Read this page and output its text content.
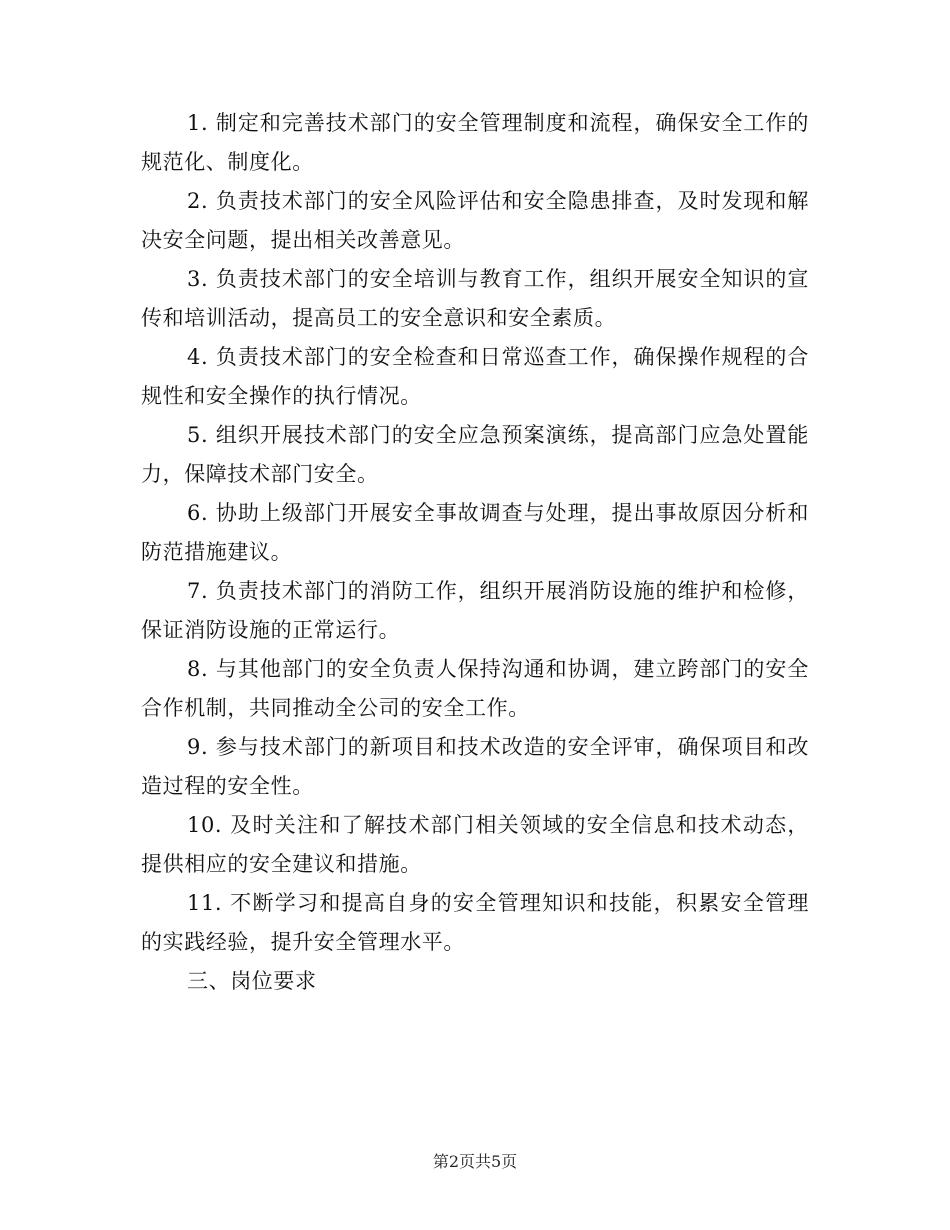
1. 制定和完善技术部门的安全管理制度和流程，确保安全工作的规范化、制度化。

2. 负责技术部门的安全风险评估和安全隐患排查，及时发现和解决安全问题，提出相关改善意见。

3. 负责技术部门的安全培训与教育工作，组织开展安全知识的宣传和培训活动，提高员工的安全意识和安全素质。

4. 负责技术部门的安全检查和日常巡查工作，确保操作规程的合规性和安全操作的执行情况。

5. 组织开展技术部门的安全应急预案演练，提高部门应急处置能力，保障技术部门安全。

6. 协助上级部门开展安全事故调查与处理，提出事故原因分析和防范措施建议。

7. 负责技术部门的消防工作，组织开展消防设施的维护和检修，保证消防设施的正常运行。

8. 与其他部门的安全负责人保持沟通和协调，建立跨部门的安全合作机制，共同推动全公司的安全工作。

9. 参与技术部门的新项目和技术改造的安全评审，确保项目和改造过程的安全性。

10. 及时关注和了解技术部门相关领域的安全信息和技术动态，提供相应的安全建议和措施。

11. 不断学习和提高自身的安全管理知识和技能，积累安全管理的实践经验，提升安全管理水平。

三、岗位要求

第2页共5页
